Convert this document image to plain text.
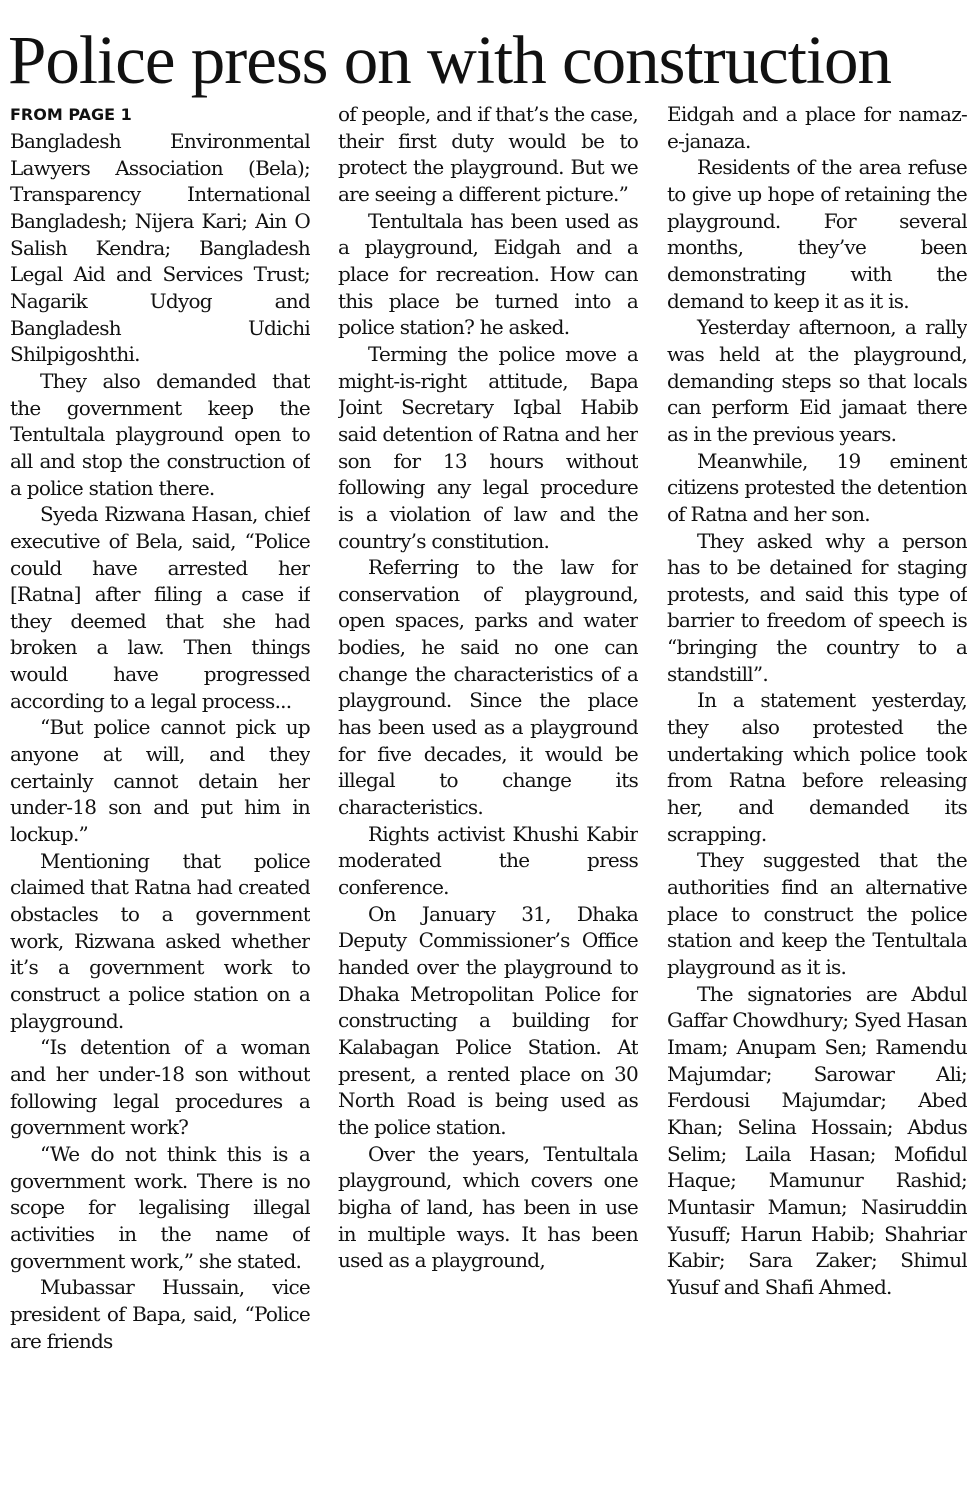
Police press on with construction
FROM PAGE 1

Bangladesh Environmental Lawyers Association (Bela); Transparency International Bangladesh; Nijera Kari; Ain O Salish Kendra; Bangladesh Legal Aid and Services Trust; Nagarik Udyog and Bangladesh Udichi Shilpigoshthi.

They also demanded that the government keep the Tentultala playground open to all and stop the construction of a police station there.

Syeda Rizwana Hasan, chief executive of Bela, said, “Police could have arrested her [Ratna] after filing a case if they deemed that she had broken a law. Then things would have progressed according to a legal process...

“But police cannot pick up anyone at will, and they certainly cannot detain her under-18 son and put him in lockup.”

Mentioning that police claimed that Ratna had created obstacles to a government work, Rizwana asked whether it’s a government work to construct a police station on a playground.

“Is detention of a woman and her under-18 son without following legal procedures a government work?

“We do not think this is a government work. There is no scope for legalising illegal activities in the name of government work,” she stated.

Mubassar Hussain, vice president of Bapa, said, “Police are friends

of people, and if that’s the case, their first duty would be to protect the playground. But we are seeing a different picture.”

Tentultala has been used as a playground, Eidgah and a place for recreation. How can this place be turned into a police station? he asked.

Terming the police move a might-is-right attitude, Bapa Joint Secretary Iqbal Habib said detention of Ratna and her son for 13 hours without following any legal procedure is a violation of law and the country’s constitution.

Referring to the law for conservation of playground, open spaces, parks and water bodies, he said no one can change the characteristics of a playground. Since the place has been used as a playground for five decades, it would be illegal to change its characteristics.

Rights activist Khushi Kabir moderated the press conference.

On January 31, Dhaka Deputy Commissioner’s Office handed over the playground to Dhaka Metropolitan Police for constructing a building for Kalabagan Police Station. At present, a rented place on 30 North Road is being used as the police station.

Over the years, Tentultala playground, which covers one bigha of land, has been in use in multiple ways. It has been used as a playground,

Eidgah and a place for namaz-e-janaza.

Residents of the area refuse to give up hope of retaining the playground. For several months, they’ve been demonstrating with the demand to keep it as it is.

Yesterday afternoon, a rally was held at the playground, demanding steps so that locals can perform Eid jamaat there as in the previous years.

Meanwhile, 19 eminent citizens protested the detention of Ratna and her son.

They asked why a person has to be detained for staging protests, and said this type of barrier to freedom of speech is “bringing the country to a standstill”.

In a statement yesterday, they also protested the undertaking which police took from Ratna before releasing her, and demanded its scrapping.

They suggested that the authorities find an alternative place to construct the police station and keep the Tentultala playground as it is.

The signatories are Abdul Gaffar Chowdhury; Syed Hasan Imam; Anupam Sen; Ramendu Majumdar; Sarowar Ali; Ferdousi Majumdar; Abed Khan; Selina Hossain; Abdus Selim; Laila Hasan; Mofidul Haque; Mamunur Rashid; Muntasir Mamun; Nasiruddin Yusuff; Harun Habib; Shahriar Kabir; Sara Zaker; Shimul Yusuf and Shafi Ahmed.
